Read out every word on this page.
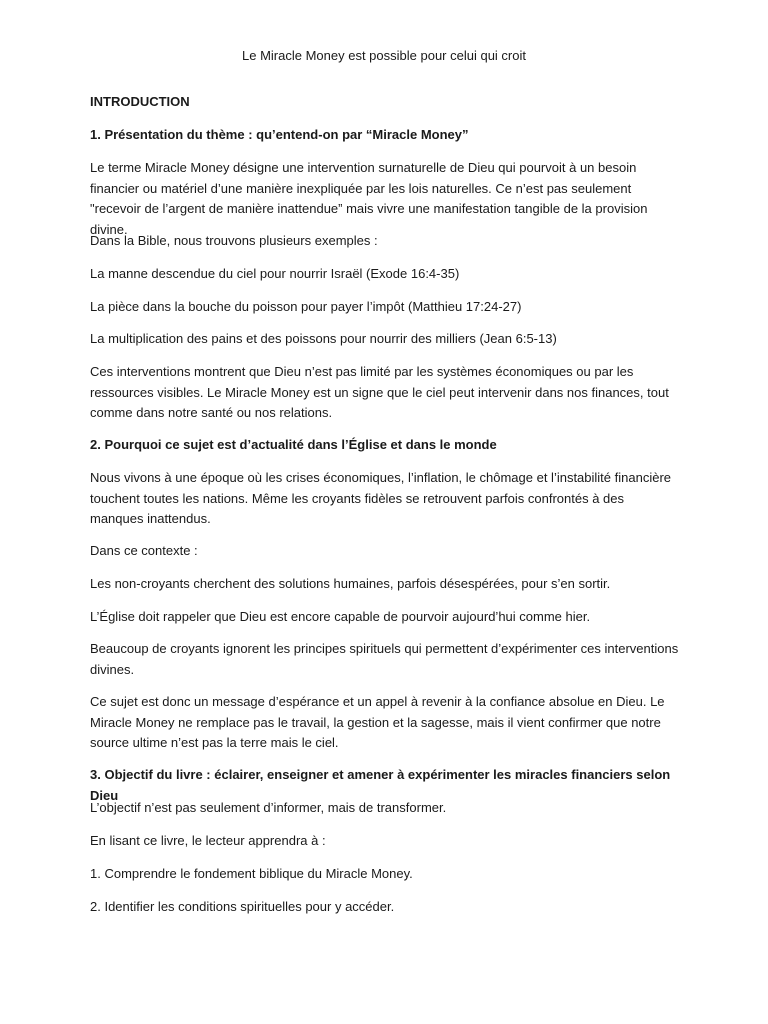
Le Miracle Money est possible pour celui qui croit

INTRODUCTION

1. Présentation du thème : qu’entend-on par “Miracle Money”

Le terme Miracle Money désigne une intervention surnaturelle de Dieu qui pourvoit à un besoin financier ou matériel d’une manière inexpliquée par les lois naturelles. Ce n’est pas seulement "recevoir de l’argent de manière inattendue” mais vivre une manifestation tangible de la provision divine.

Dans la Bible, nous trouvons plusieurs exemples :

La manne descendue du ciel pour nourrir Israël (Exode 16:4-35)

La pièce dans la bouche du poisson pour payer l’impôt (Matthieu 17:24-27)

La multiplication des pains et des poissons pour nourrir des milliers (Jean 6:5-13)

Ces interventions montrent que Dieu n’est pas limité par les systèmes économiques ou par les ressources visibles. Le Miracle Money est un signe que le ciel peut intervenir dans nos finances, tout comme dans notre santé ou nos relations.

2. Pourquoi ce sujet est d’actualité dans l’Église et dans le monde

Nous vivons à une époque où les crises économiques, l’inflation, le chômage et l’instabilité financière touchent toutes les nations. Même les croyants fidèles se retrouvent parfois confrontés à des manques inattendus.

Dans ce contexte :

Les non-croyants cherchent des solutions humaines, parfois désespérées, pour s’en sortir.

L’Église doit rappeler que Dieu est encore capable de pourvoir aujourd’hui comme hier.

Beaucoup de croyants ignorent les principes spirituels qui permettent d’expérimenter ces interventions divines.

Ce sujet est donc un message d’espérance et un appel à revenir à la confiance absolue en Dieu. Le Miracle Money ne remplace pas le travail, la gestion et la sagesse, mais il vient confirmer que notre source ultime n’est pas la terre mais le ciel.

3. Objectif du livre : éclairer, enseigner et amener à expérimenter les miracles financiers selon Dieu

L’objectif n’est pas seulement d’informer, mais de transformer.

En lisant ce livre, le lecteur apprendra à :

1. Comprendre le fondement biblique du Miracle Money.

2. Identifier les conditions spirituelles pour y accéder.
